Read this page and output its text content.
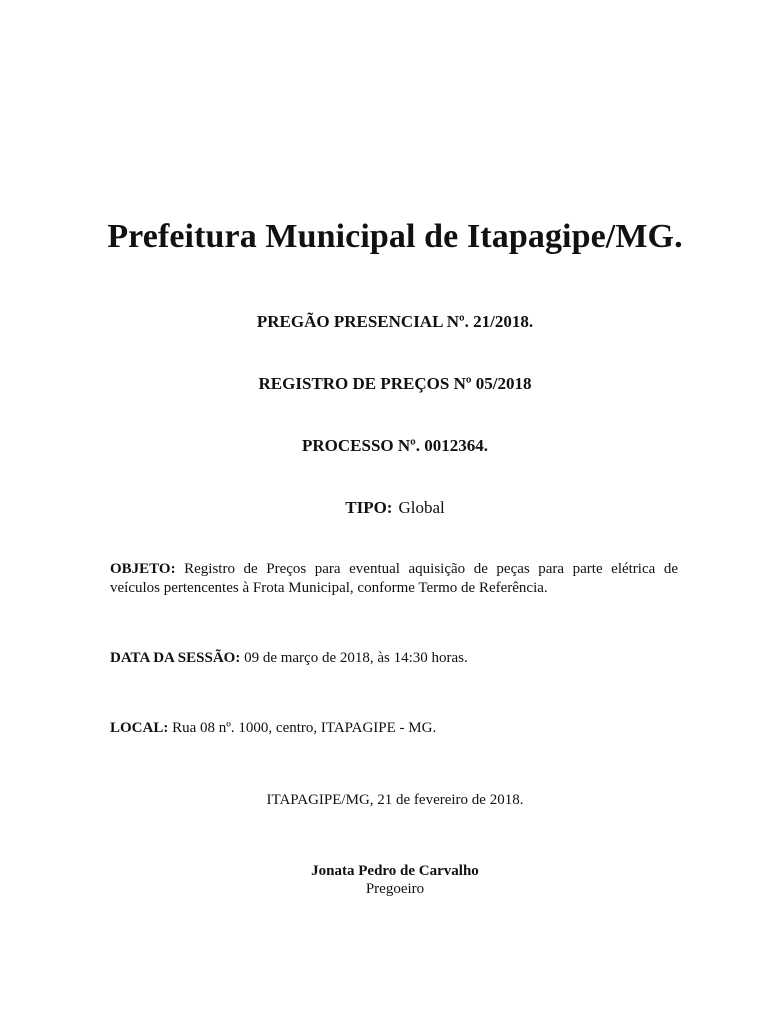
Prefeitura Municipal de Itapagipe/MG.

PREGÃO PRESENCIAL Nº. 21/2018.

REGISTRO DE PREÇOS Nº 05/2018

PROCESSO Nº. 0012364.

TIPO: Global

OBJETO: Registro de Preços para eventual aquisição de peças para parte elétrica de
veículos pertencentes à Frota Municipal, conforme Termo de Referência.

DATA DA SESSÃO: 09 de março de 2018, às 14:30 horas.

LOCAL: Rua 08 nº. 1000, centro, ITAPAGIPE - MG.

ITAPAGIPE/MG, 21 de fevereiro de 2018.

Jonata Pedro de Carvalho

Pregoeiro
